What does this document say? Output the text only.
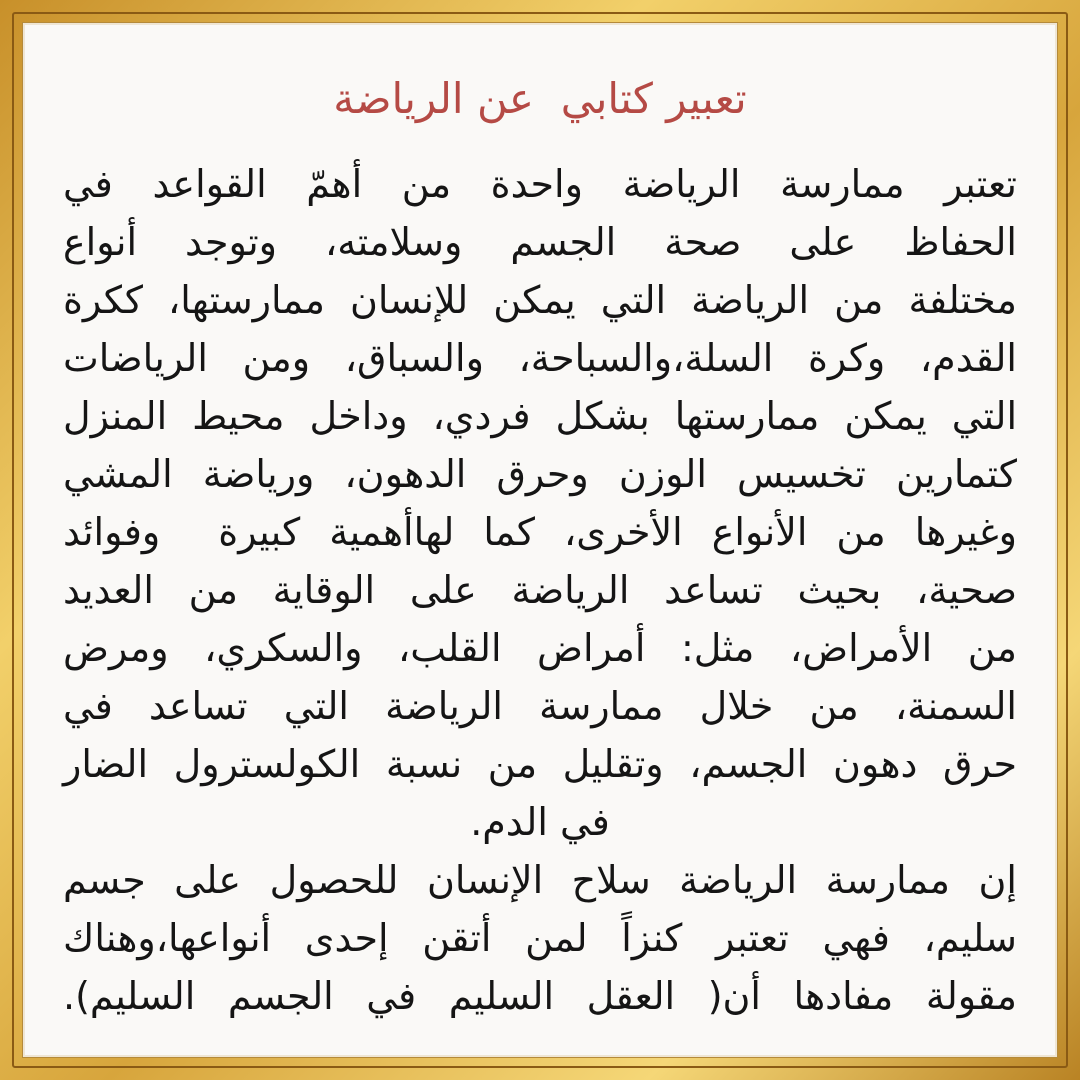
تعبير كتابي  عن الرياضة
تعتبر ممارسة الرياضة واحدة من أهمّ القواعد في
الحفاظ على صحة الجسم وسلامته، وتوجد أنواع
مختلفة من الرياضة التي يمكن للإنسان ممارستها، ككرة
القدم، وكرة السلة،والسباحة، والسباق، ومن الرياضات
التي يمكن ممارستها بشكل فردي، وداخل محيط المنزل
كتمارين تخسيس الوزن وحرق الدهون، ورياضة المشي
وغيرها من الأنواع الأخرى، كما لهاأهمية كبيرة  وفوائد
صحية، بحيث تساعد الرياضة على الوقاية من العديد
من الأمراض، مثل: أمراض القلب، والسكري، ومرض
السمنة، من خلال ممارسة الرياضة التي تساعد في
حرق دهون الجسم، وتقليل من نسبة الكولسترول الضار
في الدم.
إن ممارسة الرياضة سلاح الإنسان للحصول على جسم
سليم، فهي تعتبر كنزاً لمن أتقن إحدى أنواعها،وهناك
مقولة مفادها أن( العقل السليم في الجسم السليم).
